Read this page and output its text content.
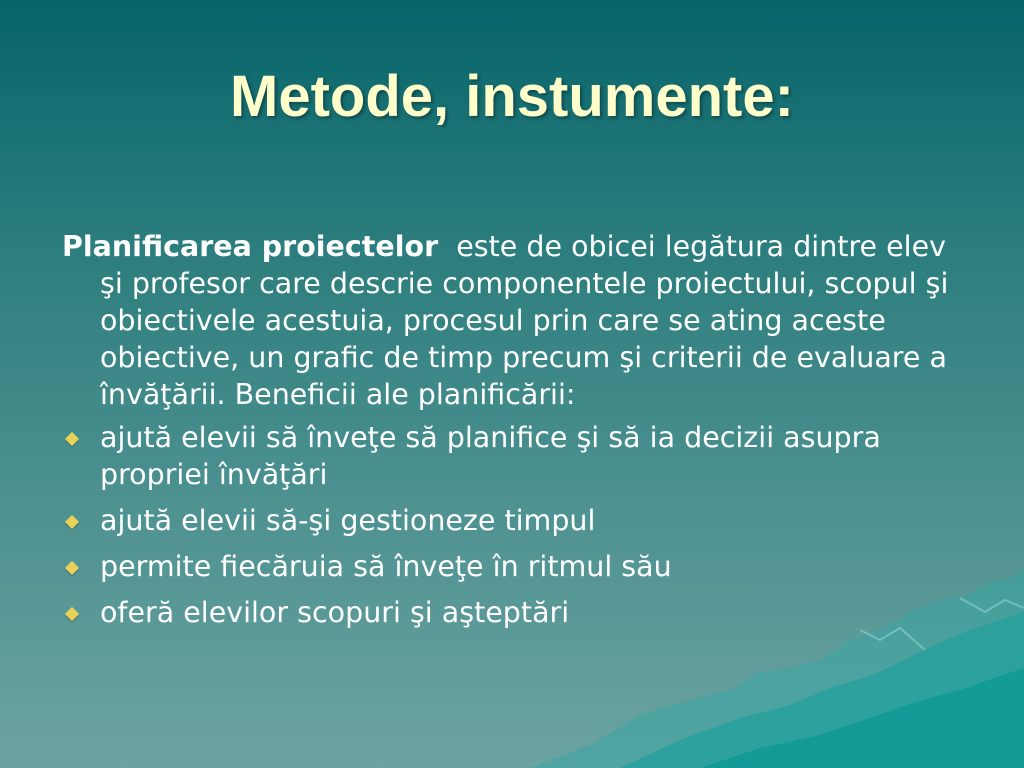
Metode, instumente:

Planificarea proiectelor  este de obicei legătura dintre elev şi profesor care descrie componentele proiectului, scopul şi obiectivele acestuia, procesul prin care se ating aceste obiective, un grafic de timp precum şi criterii de evaluare a învăţării. Beneficii ale planificării:

ajută elevii să înveţe să planifice şi să ia decizii asupra propriei învăţări
ajută elevii să-şi gestioneze timpul
permite fiecăruia să înveţe în ritmul său
oferă elevilor scopuri şi aşteptări
